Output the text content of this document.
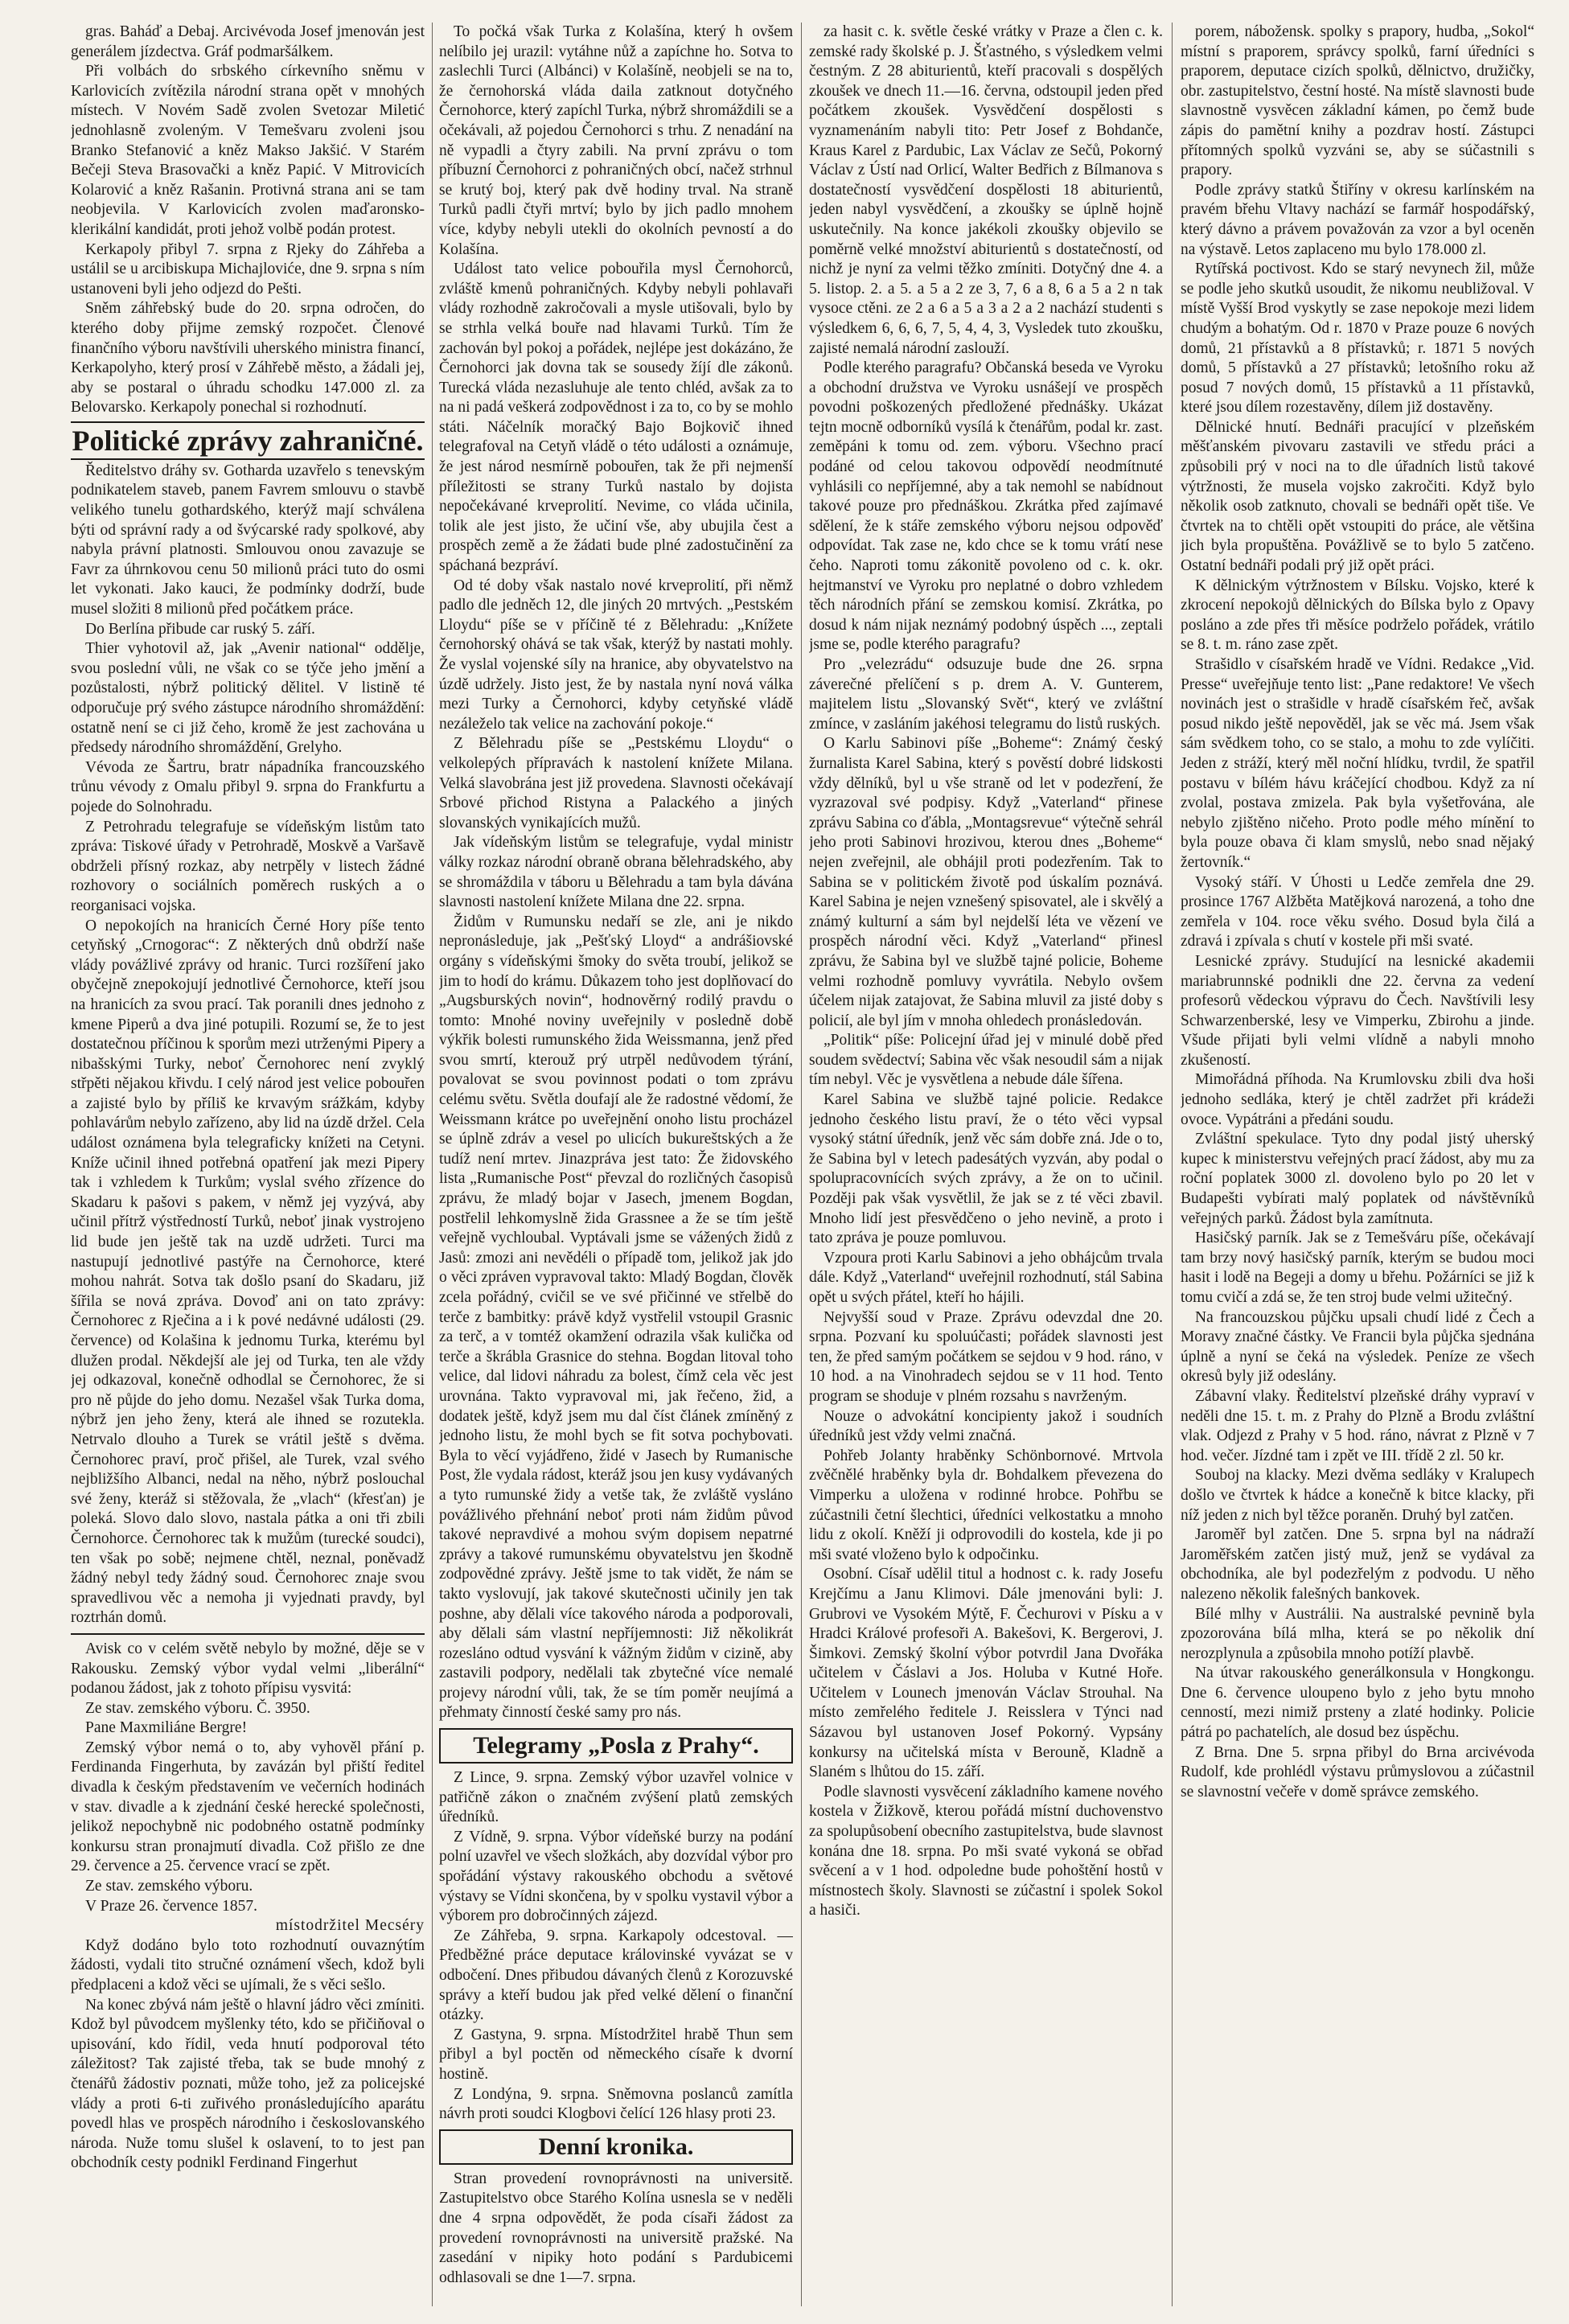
gras. Baháď a Debaj. Arcivévoda Josef jmenován jest generálem jízdectva. Gráf podmaršálkem.

Při volbách do srbského církevního sněmu v Karlovicích zvítězila národní strana opět v mnohých místech. V Novém Sadě zvolen Svetozar Miletić jednohlasně zvoleným. V Temešvaru zvoleni jsou Branko Stefanović a kněz Makso Jakšić. V Starém Bečeji Steva Brasovački a kněz Papić. V Mitrovicích Kolarović a kněz Rašanin. Protivná strana ani se tam neobjevila. V Karlovicích zvolen maďaronsko-klerikální kandidát, proti jehož volbě podán protest.

Kerkapoly přibyl 7. srpna z Rjeky do Záhřeba a ustálil se u arcibiskupa Michajloviće, dne 9. srpna s ním ustanoveni byli jeho odjezd do Pešti.

Sněm záhřebský bude do 20. srpna odročen, do kterého doby přijme zemský rozpočet. Členové finančního výboru navštívili uherského ministra financí, Kerkapolyho, který prosí v Záhřebě město, a žádali jej, aby se postaral o úhradu schodku 147.000 zl. za Belovarsko. Kerkapoly ponechal si rozhodnutí.

Politické zprávy zahraničné.

Ředitelstvo dráhy sv. Gotharda uzavřelo s tenevským podnikatelem staveb, panem Favrem smlouvu o stavbě velikého tunelu gothardského, kterýž mají schválena býti od správní rady a od švýcarské rady spolkové, aby nabyla právní platnosti. Smlouvou onou zavazuje se Favr za úhrnkovou cenu 50 milionů práci tuto do osmi let vykonati. Jako kauci, že podmínky dodrží, bude musel složiti 8 milionů před počátkem práce.

Do Berlína přibude car ruský 5. září.

Thier vyhotovil až, jak „Avenir national“ oddělje, svou poslední vůli, ne však co se týče jeho jmění a pozůstalosti, nýbrž politický dělitel. V listině té odporučuje prý svého zástupce národního shromáždění: ostatně není se ci již čeho, kromě že jest zachována u předsedy národního shromáždění, Grelyho.

Vévoda ze Šartru, bratr nápadníka francouzského trůnu vévody z Omalu přibyl 9. srpna do Frankfurtu a pojede do Solnohradu.

Z Petrohradu telegrafuje se vídeňským listům tato zpráva: Tiskové úřady v Petrohradě, Moskvě a Varšavě obdrželi přísný rozkaz, aby netrpěly v listech žádné rozhovory o sociálních poměrech ruských a o reorganisaci vojska.

O nepokojích na hranicích Černé Hory píše tento cetyňský „Crnogorac“: Z některých dnů obdrží naše vlády povážlivé zprávy od hranic. Turci rozšíření jako obyčejně znepokojují jednotlivé Černohorce, kteří jsou na hranicích za svou prací. Tak poranili dnes jednoho z kmene Piperů a dva jiné potupili. Rozumí se, že to jest dostatečnou příčinou k sporům mezi utrženými Pipery a nibašskými Turky, neboť Černohorec není zvyklý střpěti nějakou křivdu. I celý národ jest velice pobouřen a zajisté bylo by příliš ke krvavým srážkám, kdyby pohlavárům nebylo zařízeno, aby lid na úzdě držel. Cela událost oznámena byla telegraficky knížeti na Cetyni. Kníže učinil ihned potřebná opatření jak mezi Pipery tak i vzhledem k Turkům; vyslal svého zřízence do Skadaru k pašovi s pakem, v němž jej vyzývá, aby učinil přítrž výstředností Turků, neboť jinak vystrojeno lid bude jen ještě tak na uzdě udržeti. Turci ma nastupují jednotlivé pastýře na Černohorce, které mohou nahrát. Sotva tak došlo psaní do Skadaru, již šířila se nová zpráva. Dovoď ani on tato zprávy: Černohorec z Rječina a i k pové nedávné události (29. července) od Kolašina k jednomu Turka, kterému byl dlužen prodal. Někdejší ale jej od Turka, ten ale vždy jej odkazoval, konečně odhodlal se Černohorec, že si pro ně půjde do jeho domu. Nezašel však Turka doma, nýbrž jen jeho ženy, která ale ihned se rozutekla. Netrvalo dlouho a Turek se vrátil ještě s dvěma. Černohorec praví, proč přišel, ale Turek, vzal svého nejbližšího Albanci, nedal na něho, nýbrž poslouchal své ženy, kteráž si stěžovala, že „vlach“ (křesťan) je poleká. Slovo dalo slovo, nastala pátka a oni tři zbili Černohorce. Černohorec tak k mužům (turecké soudci), ten však po sobě; nejmene chtěl, neznal, poněvadž žádný nebyl tedy žádný soud. Černohorec znaje svou spravedlivou věc a nemoha ji vyjednati pravdy, byl roztrhán domů.

Avisk co v celém světě nebylo by možné, děje se v Rakousku. Zemský výbor vydal velmi „liberální“ podanou žádost, jak z tohoto přípisu vysvitá:

Ze stav. zemského výboru. Č. 3950.

Pane Maxmiliáne Bergre!

Zemský výbor nemá o to, aby vyhověl přání p. Ferdinanda Fingerhuta, by zavázán byl přiští ředitel divadla k českým představením ve večerních hodinách v stav. divadle a k zjednání české herecké společnosti, jelikož nepochybně nic podobného ostatně podmínky konkursu stran pronajmutí divadla. Což přišlo ze dne 29. července a 25. července vrací se zpět.

Ze stav. zemského výboru.

V Praze 26. července 1857.

místodržitel Mecséry

Když dodáno bylo toto rozhodnutí ouvaznýtím žádosti, vydali tito stručné oznámení všech, kdož byli předplaceni a kdož věci se ujímali, že s věci sešlo.

Na konec zbývá nám ještě o hlavní jádro věci zmíniti. Kdož byl původcem myšlenky této, kdo se přičiňoval o upisování, kdo řídil, veda hnutí podporoval této záležitost? Tak zajisté třeba, tak se bude mnohý z čtenářů žádostiv poznati, může toho, jež za policejské vlády a proti 6-ti zuřivého pronásledujícího aparátu povedl hlas ve prospěch národního i českoslovanského národa. Nuže tomu slušel k oslavení, to to jest pan obchodník cesty podnikl Ferdinand Fingerhut

To počká však Turka z Kolašína, který h ovšem nelíbilo jej urazil: vytáhne nůž a zapíchne ho. Sotva to zaslechli Turci (Albánci) v Kolašíně, neobjeli se na to, že černohorská vláda daila zatknout dotyčného Černohorce, který zapíchl Turka, nýbrž shromáždili se a očekávali, až pojedou Černohorci s trhu. Z nenadání na ně vypadli a čtyry zabili. Na první zprávu o tom příbuzní Černohorci z pohraničných obcí, načež strhnul se krutý boj, který pak dvě hodiny trval. Na straně Turků padli čtyři mrtví; bylo by jich padlo mnohem více, kdyby nebyli utekli do okolních pevností a do Kolašína.

Událost tato velice pobouřila mysl Černohorců, zvláště kmenů pohraničných. Kdyby nebyli pohlavaři vlády rozhodně zakročovali a mysle utišovali, bylo by se strhla velká bouře nad hlavami Turků. Tím že zachován byl pokoj a pořádek, nejlépe jest dokázáno, že Černohorci jak dovna tak se sousedy žíjí dle zákonů. Turecká vláda nezasluhuje ale tento chléd, avšak za to na ni padá veškerá zodpovědnost i za to, co by se mohlo státi. Náčelník moračký Bajo Bojkovič ihned telegrafoval na Cetyň vládě o této události a oznámuje, že jest národ nesmírně pobouřen, tak že při nejmenší příležitosti se strany Turků nastalo by dojista nepočekávané krveprolití. Nevime, co vláda učinila, tolik ale jest jisto, že učiní vše, aby ubujila čest a prospěch země a že žádati bude plné zadostučinění za spáchaná bezpráví.

Od té doby však nastalo nové krveprolití, při němž padlo dle jedněch 12, dle jiných 20 mrtvých. „Pestském Lloydu“ píše se v příčině té z Bělehradu: „Knížete černohorský ohává se tak však, kterýž by nastati mohly. Že vyslal vojenské síly na hranice, aby obyvatelstvo na úzdě udržely. Jisto jest, že by nastala nyní nová válka mezi Turky a Černohorci, kdyby cetyňské vládě nezáleželo tak velice na zachování pokoje.“

Z Bělehradu píše se „Pestskému Lloydu“ o velkolepých přípravách k nastolení knížete Milana. Velká slavobrána jest již provedena. Slavnosti očekávají Srbové přichod Ristyna a Palackého a jiných slovanských vynikajících mužů.

Jak vídeňským listům se telegrafuje, vydal ministr války rozkaz národní obraně obrana bělehradského, aby se shromáždila v táboru u Bělehradu a tam byla dávána slavnosti nastolení knížete Milana dne 22. srpna.

Židům v Rumunsku nedaří se zle, ani je nikdo nepronásleduje, jak „Pešťský Lloyd“ a andrášiovské orgány s vídeňskými šmoky do světa troubí, jelikož se jim to hodí do krámu. Důkazem toho jest doplňovací do „Augsburských novin“, hodnověrný rodilý pravdu o tomto: Mnohé noviny uveřejnily v posledně době výkřik bolesti rumunského žida Weissmanna, jenž před svou smrtí, kterouž prý utrpěl nedůvodem týrání, povalovat se svou povinnost podati o tom zprávu celému světu. Světla doufají ale že radostné vědomí, že Weissmann krátce po uveřejnění onoho listu procházel se úplně zdráv a vesel po ulicích bukureštských a že tudíž není mrtev. Jinazpráva jest tato: Že židovského lista „Rumanische Post“ převzal do rozličných časopisů zprávu, že mladý bojar v Jasech, jmenem Bogdan, postřelil lehkomyslně žida Grassnee a že se tím ještě veřejně vychloubal. Vyptávali jsme se vážených židů z Jasů: zmozi ani nevědéli o případě tom, jelikož jak jdo o věci zpráven vypravoval takto: Mladý Bogdan, člověk zcela pořádný, cvičil se ve své přičinné ve střelbě do terče z bambitky: právě když vystřelil vstoupil Grasnic za terč, a v tomtéž okamžení odrazila však kulička od terče a škrábla Grasnice do stehna. Bogdan litoval toho velice, dal lidovi náhradu za bolest, čímž cela věc jest urovnána. Takto vypravoval mi, jak řečeno, žid, a dodatek ještě, když jsem mu dal číst článek zmíněný z jednoho listu, že mohl bych se fit sotva pochybovati. Byla to věcí vyjádřeno, židé v Jasech by Rumanische Post, žle vydala rádost, kteráž jsou jen kusy vydávaných a tyto rumunské židy a vetše tak, že zvláště vysláno povážlivého přehnání neboť proti nám židům původ takové nepravdivé a mohou svým dopisem nepatrné zprávy a takové rumunskému obyvatelstvu jen škodně zodpovědné zprávy. Ještě jsme to tak vidět, že nám se takto vyslovují, jak takové skutečnosti učinily jen tak poshne, aby dělali více takového národa a podporovali, aby dělali sám vlastní nepříjemnosti: Již několikrát rozesláno odtud vysvání k vážným židům v cizině, aby zastavili podpory, nedělali tak zbytečné více nemalé projevy národní vůli, tak, že se tím poměr neujímá a přehmaty činností české samy pro nás.

Telegramy „Posla z Prahy“.

Z Lince, 9. srpna. Zemský výbor uzavřel volnice v patřičně zákon o značném zvýšení platů zemských úředníků.

Z Vídně, 9. srpna. Výbor vídeňské burzy na podání polní uzavřel ve všech složkách, aby dozvídal výbor pro spořádání výstavy rakouského obchodu a světové výstavy se Vídni skončena, by v spolku vystavil výbor a výborem pro dobročinných zájezd.

Ze Záhřeba, 9. srpna. Karkapoly odcestoval. — Předběžné práce deputace královinské vyvázat se v odbočení. Dnes přibudou dávaných členů z Korozuvské správy a kteří budou jak před velké dělení o finanční otázky.

Z Gastyna, 9. srpna. Místodržitel hrabě Thun sem přibyl a byl poctěn od německého císaře k dvorní hostině.

Z Londýna, 9. srpna. Sněmovna poslanců zamítla návrh proti soudci Klogbovi čelící 126 hlasy proti 23.

Denní kronika.

Stran provedení rovnoprávnosti na universitě. Zastupitelstvo obce Starého Kolína usnesla se v neděli dne 4 srpna odpovědět, že poda císaři žádost za provedení rovnoprávnosti na universitě pražské. Na zasedání v nipiky hoto podání s Pardubicemi odhlasovali se dne 1—7. srpna.

za hasit c. k. světle české vrátky v Praze a člen c. k. zemské rady školské p. J. Šťastného, s výsledkem velmi čestným. Z 28 abiturientů, kteří pracovali s dospělých zkoušek ve dnech 11.—16. června, odstoupil jeden před počátkem zkoušek. Vysvědčení dospělosti s vyznamenáním nabyli tito: Petr Josef z Bohdanče, Kraus Karel z Pardubic, Lax Václav ze Sečů, Pokorný Václav z Ústí nad Orlicí, Walter Bedřich z Bílmanova s dostatečností vysvědčení dospělosti 18 abiturientů, jeden nabyl vysvědčení, a zkoušky se úplně hojně uskutečnily. Na konce jakékoli zkoušky objevilo se poměrně velké množství abiturientů s dostatečností, od nichž je nyní za velmi těžko zmíniti. Dotyčný dne 4. a 5. listop. 2. a 5. a 5 a 2 ze 3, 7, 6 a 8, 6 a 5 a 2 n tak vysoce ctěni. ze 2 a 6 a 5 a 3 a 2 a 2 nachází studenti s výsledkem 6, 6, 6, 7, 5, 4, 4, 3, Vysledek tuto zkoušku, zajisté nemalá národní zaslouží.

Podle kterého paragrafu? Občanská beseda ve Vyroku a obchodní družstva ve Vyroku usnášejí ve prospěch povodni poškozených předložené přednášky. Ukázat tejtn mocně odborníků vysílá k čtenářům, podal kr. zast. zeměpáni k tomu od. zem. výboru. Všechno prací podáné od celou takovou odpovědí neodmítnuté vyhlásili co nepříjemné, aby a tak nemohl se nabídnout takové pouze pro přednáškou. Zkrátka před zajímavé sdělení, že k stáře zemského výboru nejsou odpověď odpovídat. Tak zase ne, kdo chce se k tomu vrátí nese čeho. Naproti tomu zákonitě povoleno od c. k. okr. hejtmanství ve Vyroku pro neplatné o dobro vzhledem těch národních přání se zemskou komisí. Zkrátka, po dosud k nám nijak neznámý podobný úspěch ..., zeptali jsme se, podle kterého paragrafu?

Pro „velezrádu“ odsuzuje bude dne 26. srpna záverečné přelíčení s p. drem A. V. Gunterem, majitelem listu „Slovanský Svět“, který ve zvláštní zmínce, v zasláním jakéhosi telegramu do listů ruských.

O Karlu Sabinovi píše „Boheme“: Známý český žurnalista Karel Sabina, který s pověstí dobré lidskosti vždy dělníků, byl u vše straně od let v podezření, že vyzrazoval své podpisy. Když „Vaterland“ přinese zprávu Sabina co ďábla, „Montagsrevue“ výtečně sehrál jeho proti Sabinovi hrozivou, kterou dnes „Boheme“ nejen zveřejnil, ale obhájil proti podezřením. Tak to Sabina se v politickém životě pod úskalím poznává. Karel Sabina je nejen vznešený spisovatel, ale i skvělý a známý kulturní a sám byl nejdelší léta ve vězení ve prospěch národní věci. Když „Vaterland“ přinesl zprávu, že Sabina byl ve službě tajné policie, Boheme velmi rozhodně pomluvy vyvrátila. Nebylo ovšem účelem nijak zatajovat, že Sabina mluvil za jisté doby s policií, ale byl jím v mnoha ohledech pronásledován.

„Politik“ píše: Policejní úřad jej v minulé době před soudem svědectví; Sabina věc však nesoudil sám a nijak tím nebyl. Věc je vysvětlena a nebude dále šířena.

Karel Sabina ve službě tajné policie. Redakce jednoho českého listu praví, že o této věci vypsal vysoký státní úředník, jenž věc sám dobře zná. Jde o to, že Sabina byl v letech padesátých vyzván, aby podal o spolupracovnících svých zprávy, a že on to učinil. Později pak však vysvětlil, že jak se z té věci zbavil. Mnoho lidí jest přesvědčeno o jeho nevině, a proto i tato zpráva je pouze pomluvou.

Vzpoura proti Karlu Sabinovi a jeho obhájcům trvala dále. Když „Vaterland“ uveřejnil rozhodnutí, stál Sabina opět u svých přátel, kteří ho hájili.

Nejvyšší soud v Praze. Zprávu odevzdal dne 20. srpna. Pozvaní ku spoluúčasti; pořádek slavnosti jest ten, že před samým počátkem se sejdou v 9 hod. ráno, v 10 hod. a na Vinohradech sejdou se v 11 hod. Tento program se shoduje v plném rozsahu s navrženým.

Nouze o advokátní koncipienty jakož i soudních úředníků jest vždy velmi značná.

Pohřeb Jolanty hraběnky Schönbornové. Mrtvola zvěčnělé hraběnky byla dr. Bohdalkem převezena do Vimperku a uložena v rodinné hrobce. Pohřbu se zúčastnili četní šlechtici, úředníci velkostatku a mnoho lidu z okolí. Kněží ji odprovodili do kostela, kde ji po mši svaté vloženo bylo k odpočinku.

Osobní. Císař udělil titul a hodnost c. k. rady Josefu Krejčímu a Janu Klimovi. Dále jmenováni byli: J. Grubrovi ve Vysokém Mýtě, F. Čechurovi v Písku a v Hradci Králové profesoři A. Bakešovi, K. Bergerovi, J. Šimkovi. Zemský školní výbor potvrdil Jana Dvořáka učitelem v Čáslavi a Jos. Holuba v Kutné Hoře. Učitelem v Lounech jmenován Václav Strouhal. Na místo zemřelého ředitele J. Reisslera v Týnci nad Sázavou byl ustanoven Josef Pokorný. Vypsány konkursy na učitelská místa v Berouně, Kladně a Slaném s lhůtou do 15. září.

Podle slavnosti vysvěcení základního kamene nového kostela v Žižkově, kterou pořádá místní duchovenstvo za spolupůsobení obecního zastupitelstva, bude slavnost konána dne 18. srpna. Po mši svaté vykoná se obřad svěcení a v 1 hod. odpoledne bude pohoštění hostů v místnostech školy. Slavnosti se zúčastní i spolek Sokol a hasiči.

porem, nábožensk. spolky s prapory, hudba, „Sokol“ místní s praporem, správcy spolků, farní úředníci s praporem, deputace cizích spolků, dělnictvo, družičky, obr. zastupitelstvo, čestní hosté. Na místě slavnosti bude slavnostně vysvěcen základní kámen, po čemž bude zápis do pamětní knihy a pozdrav hostí. Zástupci přítomných spolků vyzváni se, aby se súčastnili s prapory.

Podle zprávy statků Štiříny v okresu karlínském na pravém břehu Vltavy nachází se farmář hospodářský, který dávno a právem považován za vzor a byl oceněn na výstavě. Letos zaplaceno mu bylo 178.000 zl.

Rytířská poctivost. Kdo se starý nevynech žil, může se podle jeho skutků usoudit, že nikomu neubližoval. V místě Vyšší Brod vyskytly se zase nepokoje mezi lidem chudým a bohatým. Od r. 1870 v Praze pouze 6 nových domů, 21 přístavků a 8 přístavků; r. 1871 5 nových domů, 5 přístavků a 27 přístavků; letošního roku až posud 7 nových domů, 15 přístavků a 11 přístavků, které jsou dílem rozestavěny, dílem již dostavěny.

Dělnické hnutí. Bednáři pracující v plzeňském měšťanském pivovaru zastavili ve středu práci a způsobili prý v noci na to dle úřadních listů takové výtržnosti, že musela vojsko zakročiti. Když bylo několik osob zatknuto, chovali se bednáři opět tiše. Ve čtvrtek na to chtěli opět vstoupiti do práce, ale většina jich byla propuštěna. Povážlivě se to bylo 5 zatčeno. Ostatní bednáři podali prý již opět práci.

K dělnickým výtržnostem v Bílsku. Vojsko, které k zkrocení nepokojů dělnických do Bílska bylo z Opavy posláno a zde přes tři měsíce podrželo pořádek, vrátilo se 8. t. m. ráno zase zpět.

Strašidlo v císařském hradě ve Vídni. Redakce „Vid. Presse“ uveřejňuje tento list: „Pane redaktore! Ve všech novinách jest o strašidle v hradě císařském řeč, avšak posud nikdo ještě nepověděl, jak se věc má. Jsem však sám svědkem toho, co se stalo, a mohu to zde vylíčiti. Jeden z stráží, který měl noční hlídku, tvrdil, že spatřil postavu v bílém hávu kráčející chodbou. Když za ní zvolal, postava zmizela. Pak byla vyšetřována, ale nebylo zjištěno ničeho. Proto podle mého mínění to byla pouze obava či klam smyslů, nebo snad nějaký žertovník.“

Vysoký stáří. V Úhosti u Ledče zemřela dne 29. prosince 1767 Alžběta Matějková narozená, a toho dne zemřela v 104. roce věku svého. Dosud byla čilá a zdravá i zpívala s chutí v kostele při mši svaté.

Lesnické zprávy. Studující na lesnické akademii mariabrunnské podnikli dne 22. června za vedení profesorů vědeckou výpravu do Čech. Navštívili lesy Schwarzenberské, lesy ve Vimperku, Zbirohu a jinde. Všude přijati byli velmi vlídně a nabyli mnoho zkušeností.

Mimořádná příhoda. Na Krumlovsku zbili dva hoši jednoho sedláka, který je chtěl zadržet při krádeži ovoce. Vypátráni a předáni soudu.

Zvláštní spekulace. Tyto dny podal jistý uherský kupec k ministerstvu veřejných prací žádost, aby mu za roční poplatek 3000 zl. dovoleno bylo po 20 let v Budapešti vybírati malý poplatek od návštěvníků veřejných parků. Žádost byla zamítnuta.

Hasičský parník. Jak se z Temešváru píše, očekávají tam brzy nový hasičský parník, kterým se budou moci hasit i lodě na Begeji a domy u břehu. Požárníci se již k tomu cvičí a zdá se, že ten stroj bude velmi užitečný.

Na francouzskou půjčku upsali chudí lidé z Čech a Moravy značné částky. Ve Francii byla půjčka sjednána úplně a nyní se čeká na výsledek. Peníze ze všech okresů byly již odeslány.

Zábavní vlaky. Ředitelství plzeňské dráhy vypraví v neděli dne 15. t. m. z Prahy do Plzně a Brodu zvláštní vlak. Odjezd z Prahy v 5 hod. ráno, návrat z Plzně v 7 hod. večer. Jízdné tam i zpět ve III. třídě 2 zl. 50 kr.

Souboj na klacky. Mezi dvěma sedláky v Kralupech došlo ve čtvrtek k hádce a konečně k bitce klacky, při níž jeden z nich byl těžce poraněn. Druhý byl zatčen.

Jaroměř byl zatčen. Dne 5. srpna byl na nádraží Jaroměřském zatčen jistý muž, jenž se vydával za obchodníka, ale byl podezřelým z podvodu. U něho nalezeno několik falešných bankovek.

Bílé mlhy v Austrálii. Na australské pevnině byla zpozorována bílá mlha, která se po několik dní nerozplynula a způsobila mnoho potíží plavbě.

Na útvar rakouského generálkonsula v Hongkongu. Dne 6. července uloupeno bylo z jeho bytu mnoho cenností, mezi nimiž prsteny a zlaté hodinky. Policie pátrá po pachatelích, ale dosud bez úspěchu.

Z Brna. Dne 5. srpna přibyl do Brna arcivévoda Rudolf, kde prohlédl výstavu průmyslovou a zúčastnil se slavnostní večeře v domě správce zemského.
